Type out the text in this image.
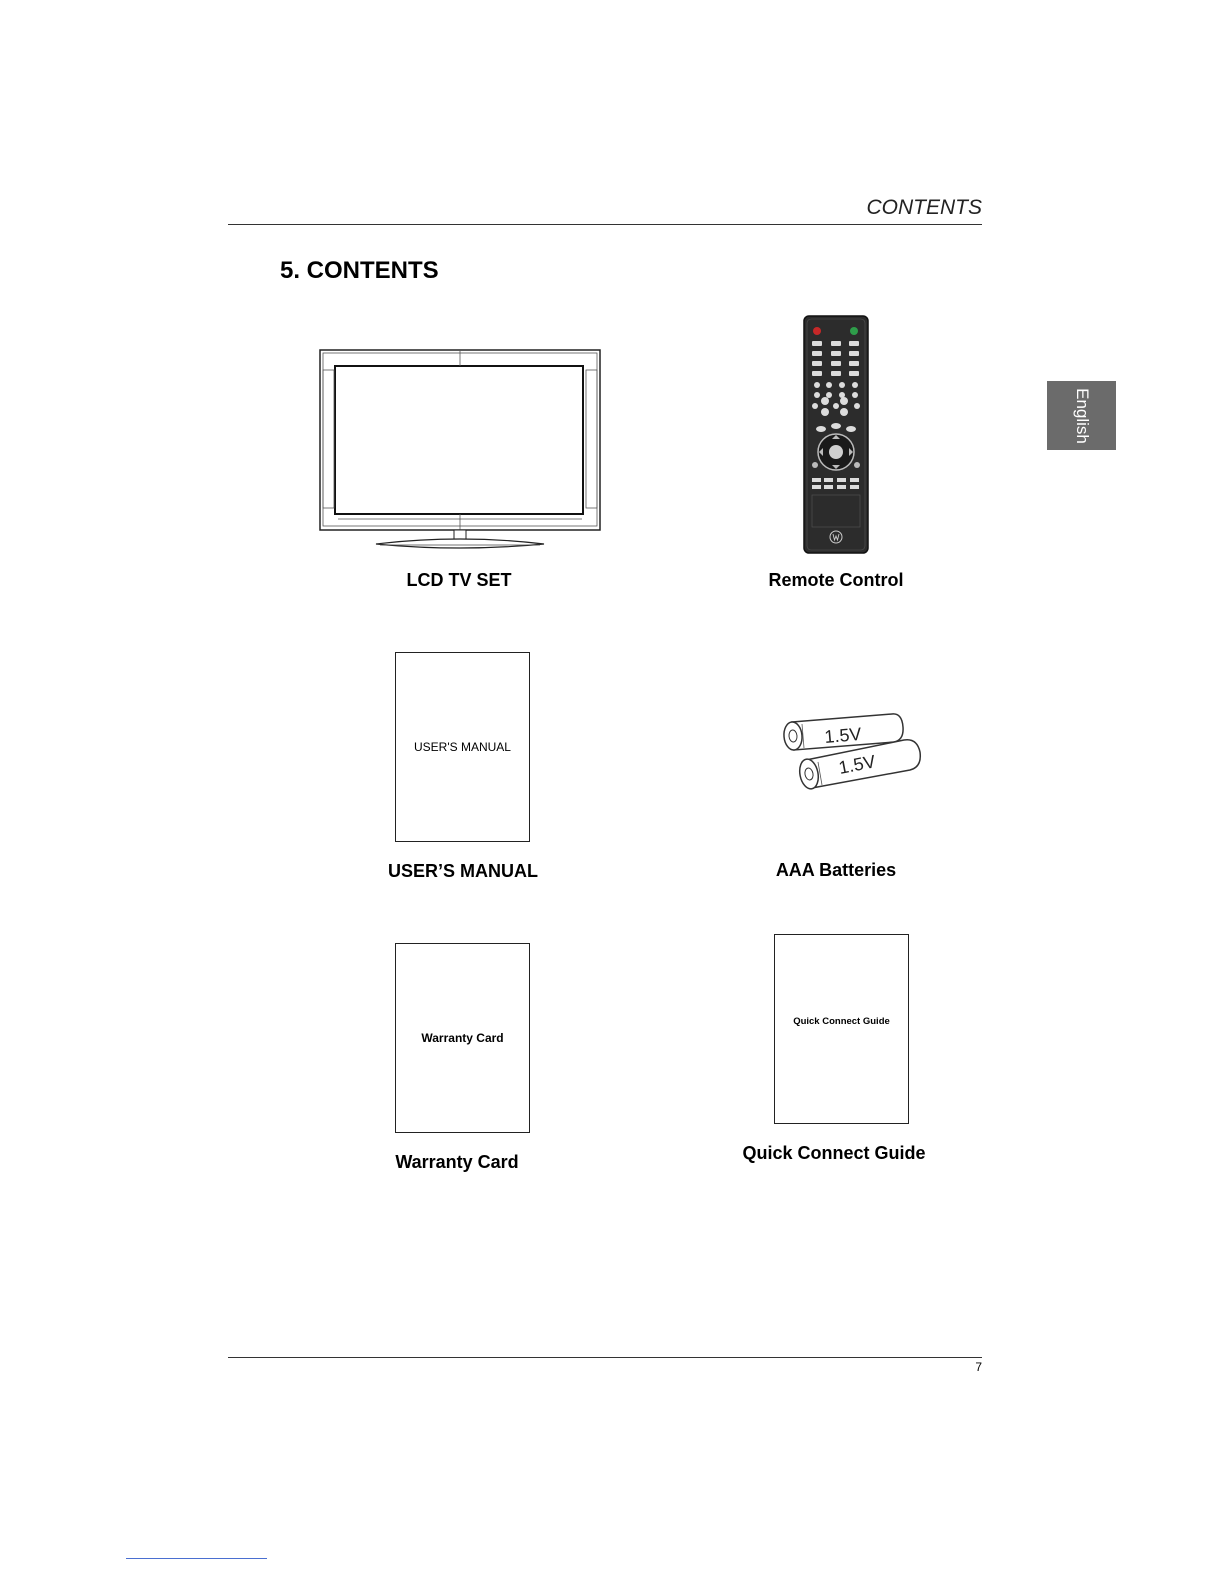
CONTENTS
5. CONTENTS
English
LCD TV SET	Remote Control
USER'S MANUAL
USER’S MANUAL
1.5V
1.5V
AAA Batteries
Warranty Card
Warranty Card
Quick Connect Guide
Quick Connect Guide
7
